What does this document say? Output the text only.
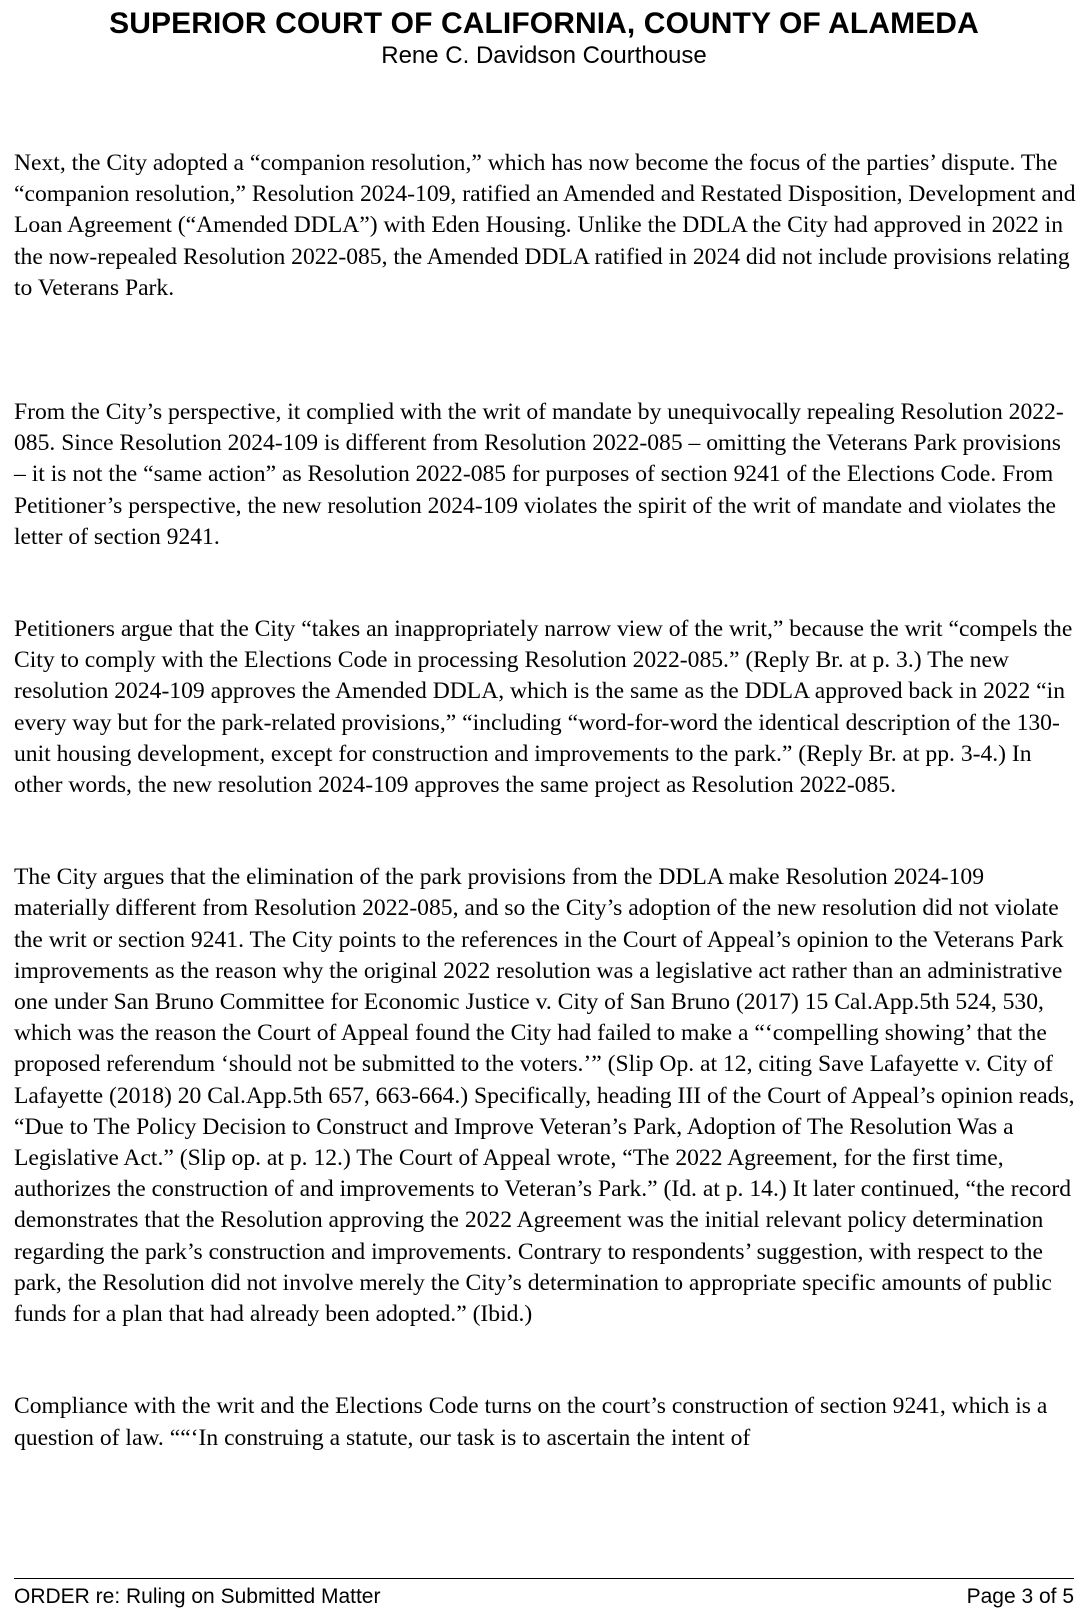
SUPERIOR COURT OF CALIFORNIA, COUNTY OF ALAMEDA

Rene C. Davidson Courthouse

Next, the City adopted a “companion resolution,” which has now become the focus of the parties’ dispute. The “companion resolution,” Resolution 2024-109, ratified an Amended and Restated Disposition, Development and Loan Agreement (“Amended DDLA”) with Eden Housing. Unlike the DDLA the City had approved in 2022 in the now-repealed Resolution 2022-085, the Amended DDLA ratified in 2024 did not include provisions relating to Veterans Park.

From the City’s perspective, it complied with the writ of mandate by unequivocally repealing Resolution 2022-085. Since Resolution 2024-109 is different from Resolution 2022-085 – omitting the Veterans Park provisions – it is not the “same action” as Resolution 2022-085 for purposes of section 9241 of the Elections Code. From Petitioner’s perspective, the new resolution 2024-109 violates the spirit of the writ of mandate and violates the letter of section 9241.

Petitioners argue that the City “takes an inappropriately narrow view of the writ,” because the writ “compels the City to comply with the Elections Code in processing Resolution 2022-085.” (Reply Br. at p. 3.) The new resolution 2024-109 approves the Amended DDLA, which is the same as the DDLA approved back in 2022 “in every way but for the park-related provisions,” “including “word-for-word the identical description of the 130-unit housing development, except for construction and improvements to the park.” (Reply Br. at pp. 3-4.) In other words, the new resolution 2024-109 approves the same project as Resolution 2022-085.

The City argues that the elimination of the park provisions from the DDLA make Resolution 2024-109 materially different from Resolution 2022-085, and so the City’s adoption of the new resolution did not violate the writ or section 9241. The City points to the references in the Court of Appeal’s opinion to the Veterans Park improvements as the reason why the original 2022 resolution was a legislative act rather than an administrative one under San Bruno Committee for Economic Justice v. City of San Bruno (2017) 15 Cal.App.5th 524, 530, which was the reason the Court of Appeal found the City had failed to make a “‘compelling showing’ that the proposed referendum ‘should not be submitted to the voters.’” (Slip Op. at 12, citing Save Lafayette v. City of Lafayette (2018) 20 Cal.App.5th 657, 663-664.) Specifically, heading III of the Court of Appeal’s opinion reads, “Due to The Policy Decision to Construct and Improve Veteran’s Park, Adoption of The Resolution Was a Legislative Act.” (Slip op. at p. 12.) The Court of Appeal wrote, “The 2022 Agreement, for the first time, authorizes the construction of and improvements to Veteran’s Park.” (Id. at p. 14.) It later continued, “the record demonstrates that the Resolution approving the 2022 Agreement was the initial relevant policy determination regarding the park’s construction and improvements. Contrary to respondents’ suggestion, with respect to the park, the Resolution did not involve merely the City’s determination to appropriate specific amounts of public funds for a plan that had already been adopted.” (Ibid.)

Compliance with the writ and the Elections Code turns on the court’s construction of section 9241, which is a question of law. ““‘In construing a statute, our task is to ascertain the intent of

ORDER re: Ruling on Submitted Matter	Page 3 of 5
